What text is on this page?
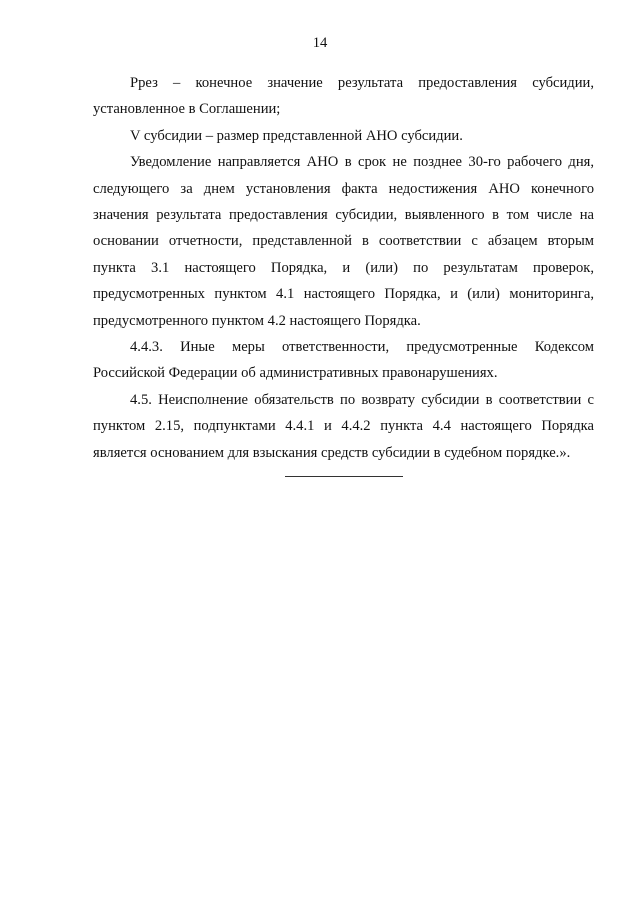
14

Ррез – конечное значение результата предоставления субсидии, установленное в Соглашении;

V субсидии – размер представленной АНО субсидии.

Уведомление направляется АНО в срок не позднее 30-го рабочего дня, следующего за днем установления факта недостижения АНО конечного значения результата предоставления субсидии, выявленного в том числе на основании отчетности, представленной в соответствии с абзацем вторым пункта 3.1 настоящего Порядка, и (или) по результатам проверок, предусмотренных пунктом 4.1 настоящего Порядка, и (или) мониторинга, предусмотренного пунктом 4.2 настоящего Порядка.

4.4.3. Иные меры ответственности, предусмотренные Кодексом Российской Федерации об административных правонарушениях.

4.5. Неисполнение обязательств по возврату субсидии в соответствии с пунктом 2.15, подпунктами 4.4.1 и 4.4.2 пункта 4.4 настоящего Порядка является основанием для взыскания средств субсидии в судебном порядке.».
